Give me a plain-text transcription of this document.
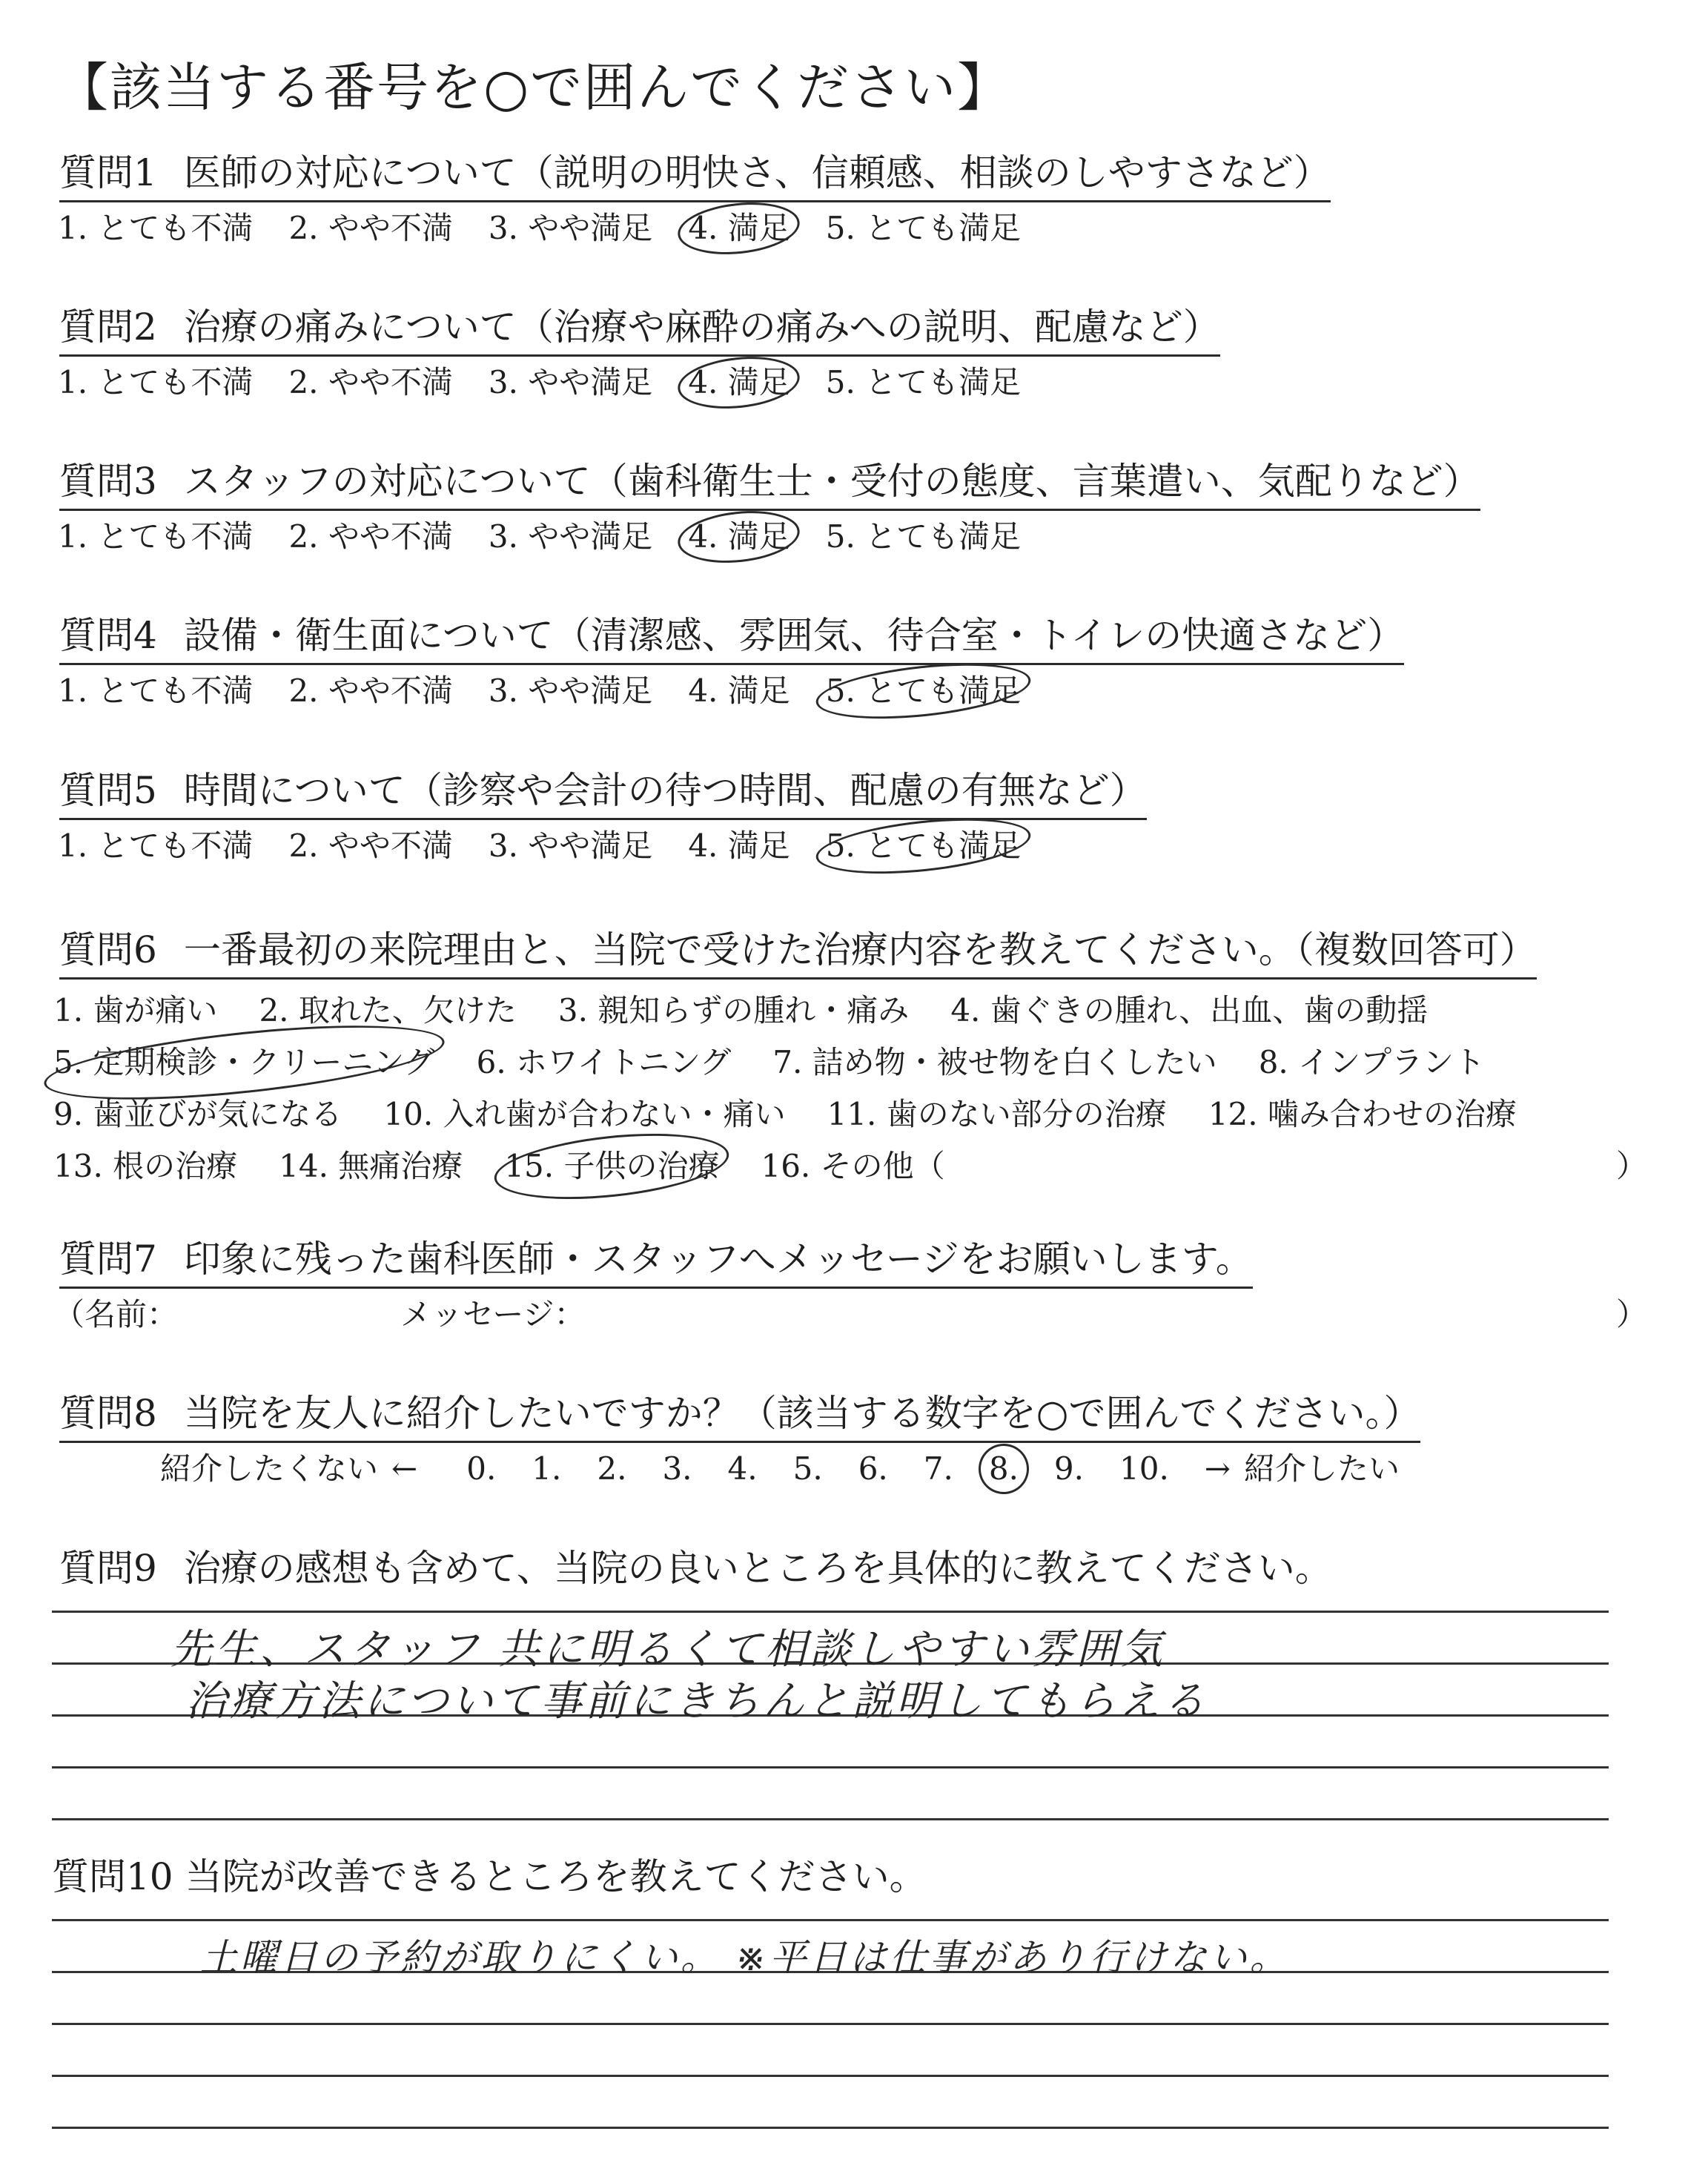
【該当する番号を○で囲んでください】
質問1 医師の対応について（説明の明快さ、信頼感、相談のしやすさなど）
1. とても不満 2. やや不満 3. やや満足 4. 満足 5. とても満足
質問2 治療の痛みについて（治療や麻酔の痛みへの説明、配慮など）
1. とても不満 2. やや不満 3. やや満足 4. 満足 5. とても満足
質問3 スタッフの対応について（歯科衛生士・受付の態度、言葉遣い、気配りなど）
1. とても不満 2. やや不満 3. やや満足 4. 満足 5. とても満足
質問4 設備・衛生面について（清潔感、雰囲気、待合室・トイレの快適さなど）
1. とても不満 2. やや不満 3. やや満足 4. 満足 5. とても満足
質問5 時間について（診察や会計の待つ時間、配慮の有無など）
1. とても不満 2. やや不満 3. やや満足 4. 満足 5. とても満足
質問6 一番最初の来院理由と、当院で受けた治療内容を教えてください。（複数回答可）
1. 歯が痛い 2. 取れた、欠けた 3. 親知らずの腫れ・痛み 4. 歯ぐきの腫れ、出血、歯の動揺
5. 定期検診・クリーニング 6. ホワイトニング 7. 詰め物・被せ物を白くしたい 8. インプラント
9. 歯並びが気になる 10. 入れ歯が合わない・痛い 11. 歯のない部分の治療 12. 噛み合わせの治療
13. 根の治療 14. 無痛治療 15. 子供の治療 16. その他（	）
質問7 印象に残った歯科医師・スタッフへメッセージをお願いします。
（名前：	メッセージ：	）
質問8 当院を友人に紹介したいですか？（該当する数字を○で囲んでください。）
紹介したくない ← 0. 1. 2. 3. 4. 5. 6. 7. 8. 9. 10. → 紹介したい
質問9 治療の感想も含めて、当院の良いところを具体的に教えてください。
先生、スタッフ 共に明るくて相談しやすい雰囲気
治療方法について事前にきちんと説明してもらえる
質問10 当院が改善できるところを教えてください。
土曜日の予約が取りにくい。 ※平日は仕事があり行けない。
